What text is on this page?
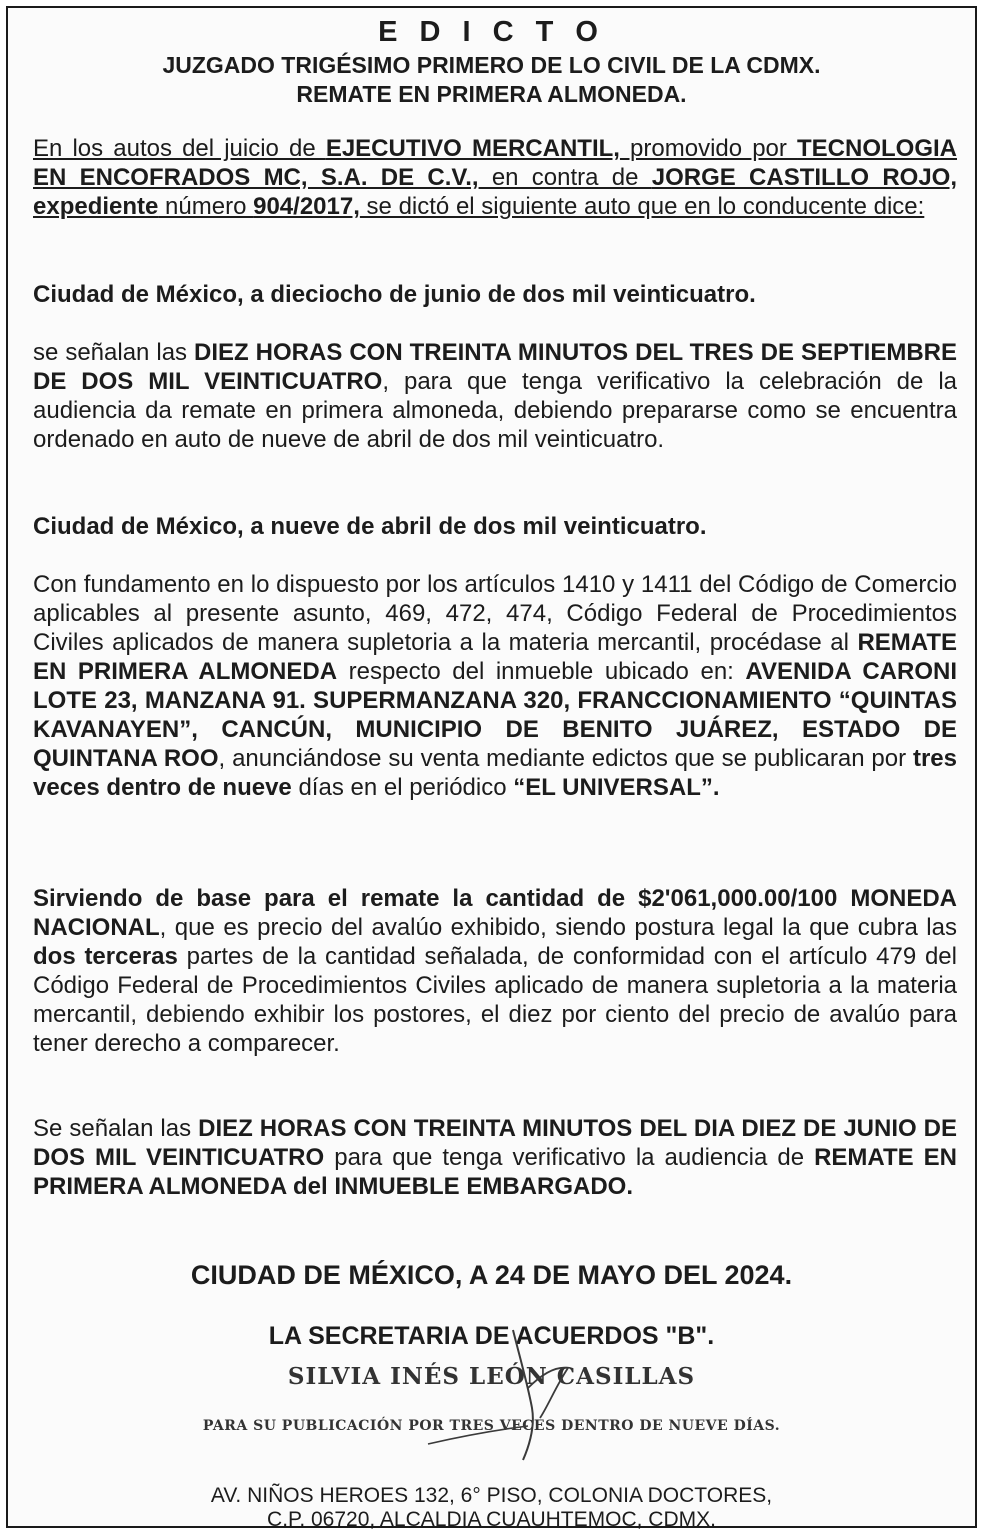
E D I C T O
JUZGADO TRIGÉSIMO PRIMERO DE LO CIVIL DE LA CDMX.
REMATE EN PRIMERA ALMONEDA.

En los autos del juicio de EJECUTIVO MERCANTIL, promovido por TECNOLOGIA EN ENCOFRADOS MC, S.A. DE C.V., en contra de JORGE CASTILLO ROJO, expediente número 904/2017, se dictó el siguiente auto que en lo conducente dice:

Ciudad de México, a dieciocho de junio de dos mil veinticuatro.

se señalan las DIEZ HORAS CON TREINTA MINUTOS DEL TRES DE SEPTIEMBRE DE DOS MIL VEINTICUATRO, para que tenga verificativo la celebración de la audiencia da remate en primera almoneda, debiendo prepararse como se encuentra ordenado en auto de nueve de abril de dos mil veinticuatro.

Ciudad de México, a nueve de abril de dos mil veinticuatro.

Con fundamento en lo dispuesto por los artículos 1410 y 1411 del Código de Comercio aplicables al presente asunto, 469, 472, 474, Código Federal de Procedimientos Civiles aplicados de manera supletoria a la materia mercantil, procédase al REMATE EN PRIMERA ALMONEDA respecto del inmueble ubicado en: AVENIDA CARONI LOTE 23, MANZANA 91. SUPERMANZANA 320, FRANCCIONAMIENTO “QUINTAS KAVANAYEN”, CANCÚN, MUNICIPIO DE BENITO JUÁREZ, ESTADO DE QUINTANA ROO, anunciándose su venta mediante edictos que se publicaran por tres veces dentro de nueve días en el periódico “EL UNIVERSAL”.

Sirviendo de base para el remate la cantidad de $2'061,000.00/100 MONEDA NACIONAL, que es precio del avalúo exhibido, siendo postura legal la que cubra las dos terceras partes de la cantidad señalada, de conformidad con el artículo 479 del Código Federal de Procedimientos Civiles aplicado de manera supletoria a la materia mercantil, debiendo exhibir los postores, el diez por ciento del precio de avalúo para tener derecho a comparecer.

Se señalan las DIEZ HORAS CON TREINTA MINUTOS DEL DIA DIEZ DE JUNIO DE DOS MIL VEINTICUATRO para que tenga verificativo la audiencia de REMATE EN PRIMERA ALMONEDA del INMUEBLE EMBARGADO.

CIUDAD DE MÉXICO, A 24 DE MAYO DEL 2024.
LA SECRETARIA DE ACUERDOS "B".
SILVIA INÉS LEÓN CASILLAS
PARA SU PUBLICACIÓN POR TRES VECES DENTRO DE NUEVE DÍAS.
AV. NIÑOS HEROES 132, 6° PISO, COLONIA DOCTORES,
C.P. 06720, ALCALDIA CUAUHTEMOC, CDMX.
